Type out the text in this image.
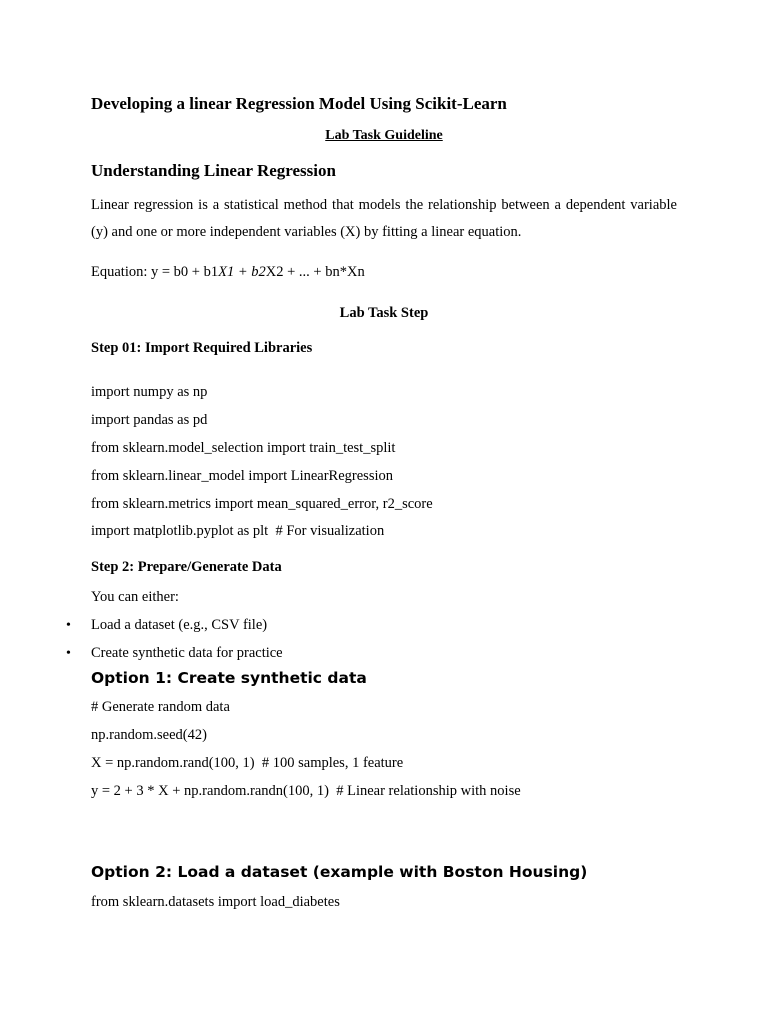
Developing a linear Regression Model Using Scikit-Learn
Lab Task Guideline
Understanding Linear Regression
Linear regression is a statistical method that models the relationship between a dependent variable (y) and one or more independent variables (X) by fitting a linear equation.
Equation: y = b0 + b1X1 + b2X2 + ... + bn*Xn
Lab Task Step
Step 01: Import Required Libraries
import numpy as np
import pandas as pd
from sklearn.model_selection import train_test_split
from sklearn.linear_model import LinearRegression
from sklearn.metrics import mean_squared_error, r2_score
import matplotlib.pyplot as plt  # For visualization
Step 2: Prepare/Generate Data
You can either:
• Load a dataset (e.g., CSV file)
• Create synthetic data for practice
Option 1: Create synthetic data
# Generate random data
np.random.seed(42)
X = np.random.rand(100, 1)  # 100 samples, 1 feature
y = 2 + 3 * X + np.random.randn(100, 1)  # Linear relationship with noise
Option 2: Load a dataset (example with Boston Housing)
from sklearn.datasets import load_diabetes
